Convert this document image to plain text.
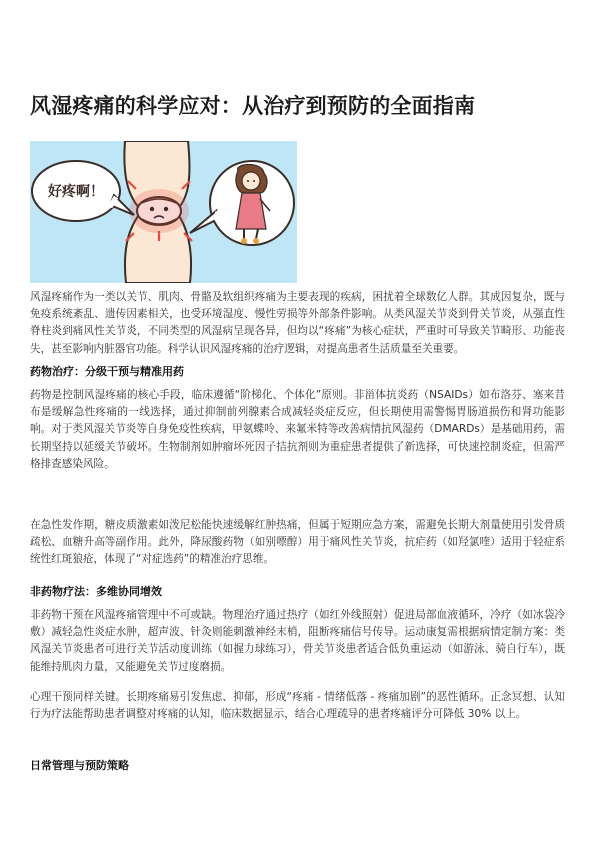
风湿疼痛的科学应对：从治疗到预防的全面指南
好疼啊！

风湿疼痛作为一类以关节、肌肉、骨骼及软组织疼痛为主要表现的疾病，困扰着全球数亿人群。其成因复杂，既与免疫系统紊乱、遗传因素相关，也受环境湿度、慢性劳损等外部条件影响。从类风湿关节炎到骨关节炎，从强直性脊柱炎到痛风性关节炎，不同类型的风湿病呈现各异，但均以“疼痛”为核心症状，严重时可导致关节畸形、功能丧失，甚至影响内脏器官功能。科学认识风湿疼痛的治疗逻辑，对提高患者生活质量至关重要。

药物治疗：分级干预与精准用药

药物是控制风湿疼痛的核心手段，临床遵循“阶梯化、个体化”原则。非甾体抗炎药（NSAIDs）如布洛芬、塞来昔布是缓解急性疼痛的一线选择，通过抑制前列腺素合成减轻炎症反应，但长期使用需警惕胃肠道损伤和肾功能影响。对于类风湿关节炎等自身免疫性疾病，甲氨蝶呤、来氟米特等改善病情抗风湿药（DMARDs）是基础用药，需长期坚持以延缓关节破坏。生物制剂如肿瘤坏死因子拮抗剂则为重症患者提供了新选择，可快速控制炎症，但需严格排查感染风险。

在急性发作期，糖皮质激素如泼尼松能快速缓解红肿热痛，但属于短期应急方案，需避免长期大剂量使用引发骨质疏松、血糖升高等副作用。此外，降尿酸药物（如别嘌醇）用于痛风性关节炎，抗疟药（如羟氯喹）适用于轻症系统性红斑狼疮，体现了“对症选药”的精准治疗思维。

非药物疗法：多维协同增效

非药物干预在风湿疼痛管理中不可或缺。物理治疗通过热疗（如红外线照射）促进局部血液循环，冷疗（如冰袋冷敷）减轻急性炎症水肿，超声波、针灸则能刺激神经末梢，阻断疼痛信号传导。运动康复需根据病情定制方案：类风湿关节炎患者可进行关节活动度训练（如握力球练习），骨关节炎患者适合低负重运动（如游泳、骑自行车），既能维持肌肉力量，又能避免关节过度磨损。

心理干预同样关键。长期疼痛易引发焦虑、抑郁，形成“疼痛 - 情绪低落 - 疼痛加剧”的恶性循环。正念冥想、认知行为疗法能帮助患者调整对疼痛的认知，临床数据显示，结合心理疏导的患者疼痛评分可降低 30% 以上。

日常管理与预防策略
